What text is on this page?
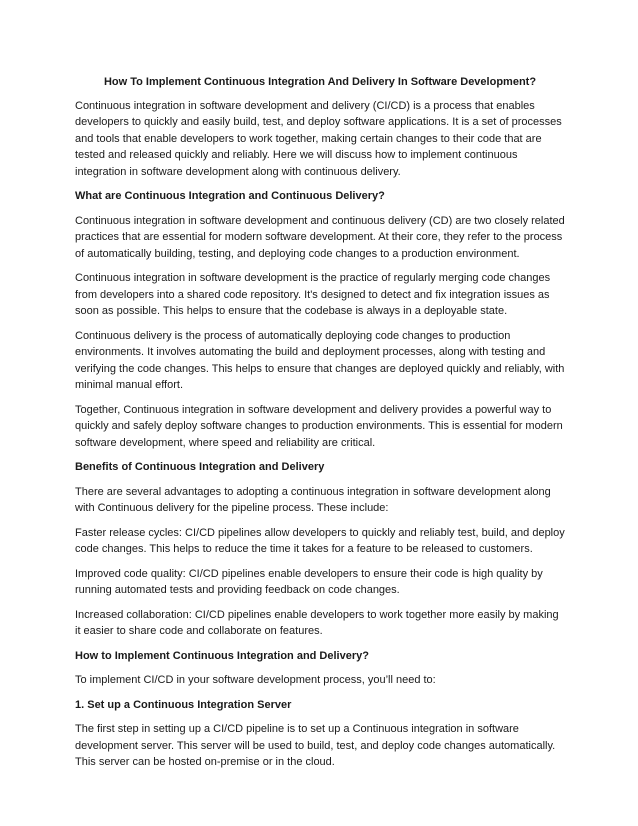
How To Implement Continuous Integration And Delivery In Software Development?

Continuous integration in software development and delivery (CI/CD) is a process that enables developers to quickly and easily build, test, and deploy software applications. It is a set of processes and tools that enable developers to work together, making certain changes to their code that are tested and released quickly and reliably. Here we will discuss how to implement continuous integration in software development along with continuous delivery.

What are Continuous Integration and Continuous Delivery?

Continuous integration in software development and continuous delivery (CD) are two closely related practices that are essential for modern software development. At their core, they refer to the process of automatically building, testing, and deploying code changes to a production environment.

Continuous integration in software development is the practice of regularly merging code changes from developers into a shared code repository. It's designed to detect and fix integration issues as soon as possible. This helps to ensure that the codebase is always in a deployable state.

Continuous delivery is the process of automatically deploying code changes to production environments. It involves automating the build and deployment processes, along with testing and verifying the code changes. This helps to ensure that changes are deployed quickly and reliably, with minimal manual effort.

Together, Continuous integration in software development and delivery provides a powerful way to quickly and safely deploy software changes to production environments. This is essential for modern software development, where speed and reliability are critical.

Benefits of Continuous Integration and Delivery

There are several advantages to adopting a continuous integration in software development along with Continuous delivery for the pipeline process. These include:

Faster release cycles: CI/CD pipelines allow developers to quickly and reliably test, build, and deploy code changes. This helps to reduce the time it takes for a feature to be released to customers.

Improved code quality: CI/CD pipelines enable developers to ensure their code is high quality by running automated tests and providing feedback on code changes.

Increased collaboration: CI/CD pipelines enable developers to work together more easily by making it easier to share code and collaborate on features.

How to Implement Continuous Integration and Delivery?

To implement CI/CD in your software development process, you’ll need to:

1. Set up a Continuous Integration Server

The first step in setting up a CI/CD pipeline is to set up a Continuous integration in software development server. This server will be used to build, test, and deploy code changes automatically. This server can be hosted on-premise or in the cloud.
